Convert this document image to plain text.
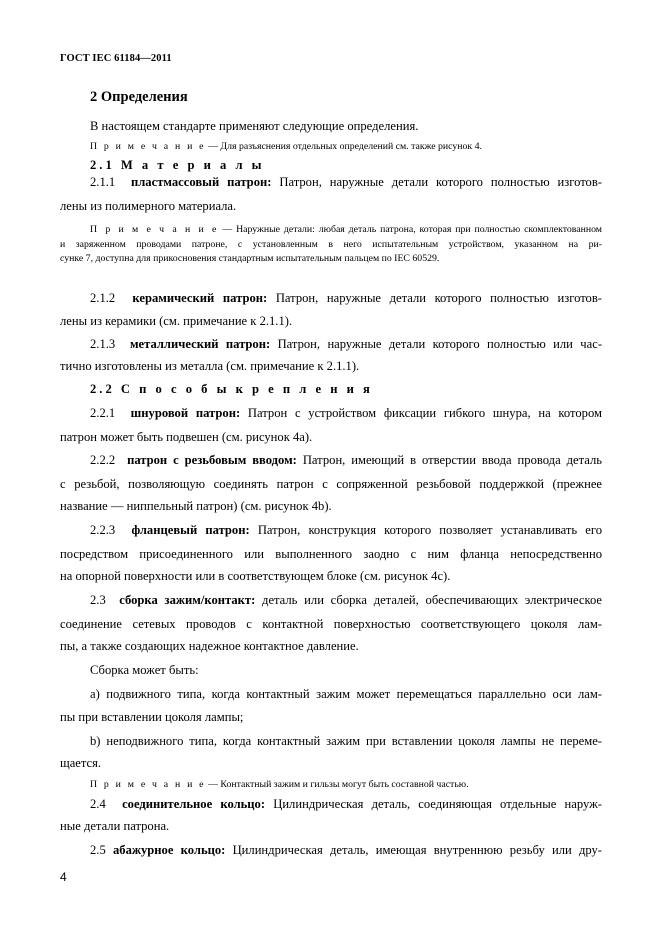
ГОСТ IEC 61184—2011
2 Определения
В настоящем стандарте применяют следующие определения.
П р и м е ч а н и е — Для разъяснения отдельных определений см. также рисунок 4.
2.1 М а т е р и а л ы
2.1.1 пластмассовый патрон: Патрон, наружные детали которого полностью изготов-
лены из полимерного материала.
П р и м е ч а н и е — Наружные детали: любая деталь патрона, которая при полностью скомплектованном
и заряженном проводами патроне, с установленным в него испытательным устройством, указанном на ри-
сунке 7, доступна для прикосновения стандартным испытательным пальцем по IEC 60529.
2.1.2 керамический патрон: Патрон, наружные детали которого полностью изготов-
лены из керамики (см. примечание к 2.1.1).
2.1.3 металлический патрон: Патрон, наружные детали которого полностью или час-
тично изготовлены из металла (см. примечание к 2.1.1).
2.2 С п о с о б ы к р е п л е н и я
2.2.1 шнуровой патрон: Патрон с устройством фиксации гибкого шнура, на котором
патрон может быть подвешен (см. рисунок 4a).
2.2.2 патрон с резьбовым вводом: Патрон, имеющий в отверстии ввода провода деталь
с резьбой, позволяющую соединять патрон с сопряженной резьбовой поддержкой (прежнее
название — ниппельный патрон) (см. рисунок 4b).
2.2.3 фланцевый патрон: Патрон, конструкция которого позволяет устанавливать его
посредством присоединенного или выполненного заодно с ним фланца непосредственно
на опорной поверхности или в соответствующем блоке (см. рисунок 4c).
2.3 сборка зажим/контакт: деталь или сборка деталей, обеспечивающих электрическое
соединение сетевых проводов с контактной поверхностью соответствующего цоколя лам-
пы, а также создающих надежное контактное давление.
Сборка может быть:
a) подвижного типа, когда контактный зажим может перемещаться параллельно оси лам-
пы при вставлении цоколя лампы;
b) неподвижного типа, когда контактный зажим при вставлении цоколя лампы не переме-
щается.
П р и м е ч а н и е — Контактный зажим и гильзы могут быть составной частью.
2.4 соединительное кольцо: Цилиндрическая деталь, соединяющая отдельные наруж-
ные детали патрона.
2.5 абажурное кольцо: Цилиндрическая деталь, имеющая внутреннюю резьбу или дру-
4
